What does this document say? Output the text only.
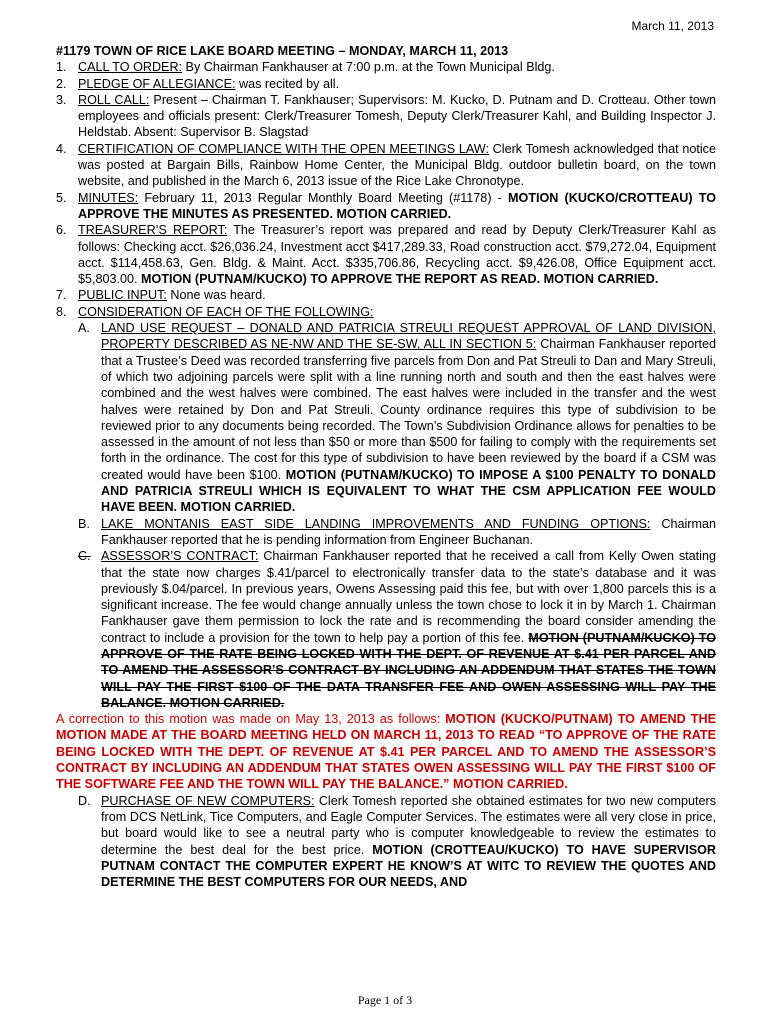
March 11, 2013
#1179 TOWN OF RICE LAKE BOARD MEETING – MONDAY, MARCH 11, 2013
1. CALL TO ORDER: By Chairman Fankhauser at 7:00 p.m. at the Town Municipal Bldg.
2. PLEDGE OF ALLEGIANCE: was recited by all.
3. ROLL CALL: Present – Chairman T. Fankhauser; Supervisors: M. Kucko, D. Putnam and D. Crotteau. Other town employees and officials present: Clerk/Treasurer Tomesh, Deputy Clerk/Treasurer Kahl, and Building Inspector J. Heldstab. Absent: Supervisor B. Slagstad
4. CERTIFICATION OF COMPLIANCE WITH THE OPEN MEETINGS LAW: Clerk Tomesh acknowledged that notice was posted at Bargain Bills, Rainbow Home Center, the Municipal Bldg. outdoor bulletin board, on the town website, and published in the March 6, 2013 issue of the Rice Lake Chronotype.
5. MINUTES: February 11, 2013 Regular Monthly Board Meeting (#1178) - MOTION (KUCKO/CROTTEAU) TO APPROVE THE MINUTES AS PRESENTED. MOTION CARRIED.
6. TREASURER’S REPORT: The Treasurer’s report was prepared and read by Deputy Clerk/Treasurer Kahl as follows: Checking acct. $26,036.24, Investment acct $417,289.33, Road construction acct. $79,272.04, Equipment acct. $114,458.63, Gen. Bldg. & Maint. Acct. $335,706.86, Recycling acct. $9,426.08, Office Equipment acct. $5,803.00. MOTION (PUTNAM/KUCKO) TO APPROVE THE REPORT AS READ. MOTION CARRIED.
7. PUBLIC INPUT: None was heard.
8. CONSIDERATION OF EACH OF THE FOLLOWING:
A. LAND USE REQUEST – DONALD AND PATRICIA STREULI REQUEST APPROVAL OF LAND DIVISION, PROPERTY DESCRIBED AS NE-NW AND THE SE-SW, ALL IN SECTION 5: Chairman Fankhauser reported that a Trustee’s Deed was recorded transferring five parcels from Don and Pat Streuli to Dan and Mary Streuli, of which two adjoining parcels were split with a line running north and south and then the east halves were combined and the west halves were combined. The east halves were included in the transfer and the west halves were retained by Don and Pat Streuli. County ordinance requires this type of subdivision to be reviewed prior to any documents being recorded. The Town’s Subdivision Ordinance allows for penalties to be assessed in the amount of not less than $50 or more than $500 for failing to comply with the requirements set forth in the ordinance. The cost for this type of subdivision to have been reviewed by the board if a CSM was created would have been $100. MOTION (PUTNAM/KUCKO) TO IMPOSE A $100 PENALTY TO DONALD AND PATRICIA STREULI WHICH IS EQUIVALENT TO WHAT THE CSM APPLICATION FEE WOULD HAVE BEEN. MOTION CARRIED.
B. LAKE MONTANIS EAST SIDE LANDING IMPROVEMENTS AND FUNDING OPTIONS: Chairman Fankhauser reported that he is pending information from Engineer Buchanan.
C. ASSESSOR’S CONTRACT: Chairman Fankhauser reported that he received a call from Kelly Owen stating that the state now charges $.41/parcel to electronically transfer data to the state’s database and it was previously $.04/parcel. In previous years, Owens Assessing paid this fee, but with over 1,800 parcels this is a significant increase. The fee would change annually unless the town chose to lock it in by March 1. Chairman Fankhauser gave them permission to lock the rate and is recommending the board consider amending the contract to include a provision for the town to help pay a portion of this fee. MOTION (PUTNAM/KUCKO) TO APPROVE OF THE RATE BEING LOCKED WITH THE DEPT. OF REVENUE AT $.41 PER PARCEL AND TO AMEND THE ASSESSOR’S CONTRACT BY INCLUDING AN ADDENDUM THAT STATES THE TOWN WILL PAY THE FIRST $100 OF THE DATA TRANSFER FEE AND OWEN ASSESSING WILL PAY THE BALANCE. MOTION CARRIED.
A correction to this motion was made on May 13, 2013 as follows: MOTION (KUCKO/PUTNAM) TO AMEND THE MOTION MADE AT THE BOARD MEETING HELD ON MARCH 11, 2013 TO READ “TO APPROVE OF THE RATE BEING LOCKED WITH THE DEPT. OF REVENUE AT $.41 PER PARCEL AND TO AMEND THE ASSESSOR’S CONTRACT BY INCLUDING AN ADDENDUM THAT STATES OWEN ASSESSING WILL PAY THE FIRST $100 OF THE SOFTWARE FEE AND THE TOWN WILL PAY THE BALANCE.” MOTION CARRIED.
D. PURCHASE OF NEW COMPUTERS: Clerk Tomesh reported she obtained estimates for two new computers from DCS NetLink, Tice Computers, and Eagle Computer Services. The estimates were all very close in price, but board would like to see a neutral party who is computer knowledgeable to review the estimates to determine the best deal for the best price. MOTION (CROTTEAU/KUCKO) TO HAVE SUPERVISOR PUTNAM CONTACT THE COMPUTER EXPERT HE KNOW’S AT WITC TO REVIEW THE QUOTES AND DETERMINE THE BEST COMPUTERS FOR OUR NEEDS, AND
Page 1 of 3
